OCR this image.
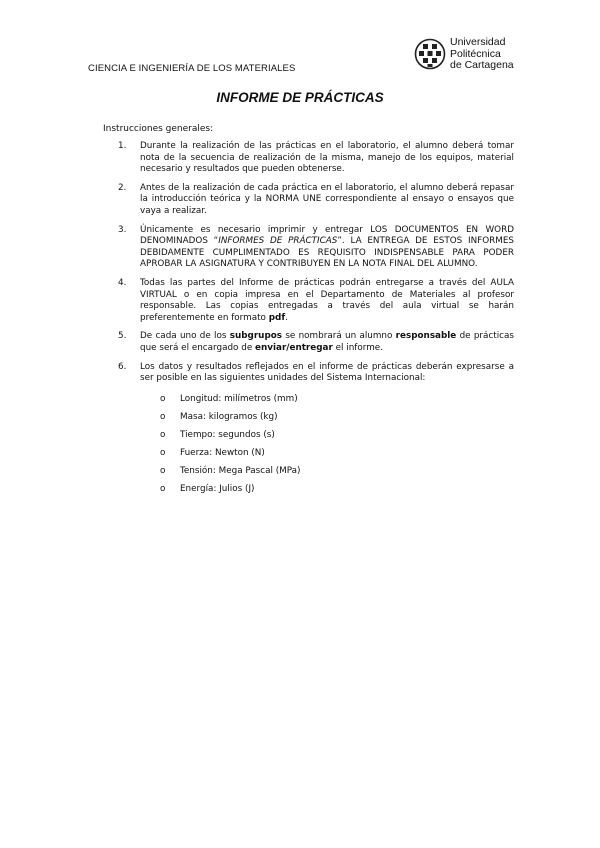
CIENCIA E INGENIERÍA DE LOS MATERIALES
Universidad
Politécnica
de Cartagena
INFORME DE PRÁCTICAS
Instrucciones generales:
1. Durante la realización de las prácticas en el laboratorio, el alumno deberá tomar nota de la secuencia de realización de la misma, manejo de los equipos, material necesario y resultados que pueden obtenerse.
2. Antes de la realización de cada práctica en el laboratorio, el alumno deberá repasar la introducción teórica y la NORMA UNE correspondiente al ensayo o ensayos que vaya a realizar.
3. Únicamente es necesario imprimir y entregar LOS DOCUMENTOS EN WORD DENOMINADOS “INFORMES DE PRÁCTICAS”. LA ENTREGA DE ESTOS INFORMES DEBIDAMENTE CUMPLIMENTADO ES REQUISITO INDISPENSABLE PARA PODER APROBAR LA ASIGNATURA Y CONTRIBUYEN EN LA NOTA FINAL DEL ALUMNO.
4. Todas las partes del Informe de prácticas podrán entregarse a través del AULA VIRTUAL o en copia impresa en el Departamento de Materiales al profesor responsable. Las copias entregadas a través del aula virtual se harán preferentemente en formato pdf.
5. De cada uno de los subgrupos se nombrará un alumno responsable de prácticas que será el encargado de enviar/entregar el informe.
6. Los datos y resultados reflejados en el informe de prácticas deberán expresarse a ser posible en las siguientes unidades del Sistema Internacional:
o Longitud: milímetros (mm)
o Masa: kilogramos (kg)
o Tiempo: segundos (s)
o Fuerza: Newton (N)
o Tensión: Mega Pascal (MPa)
o Energía: Julios (J)
